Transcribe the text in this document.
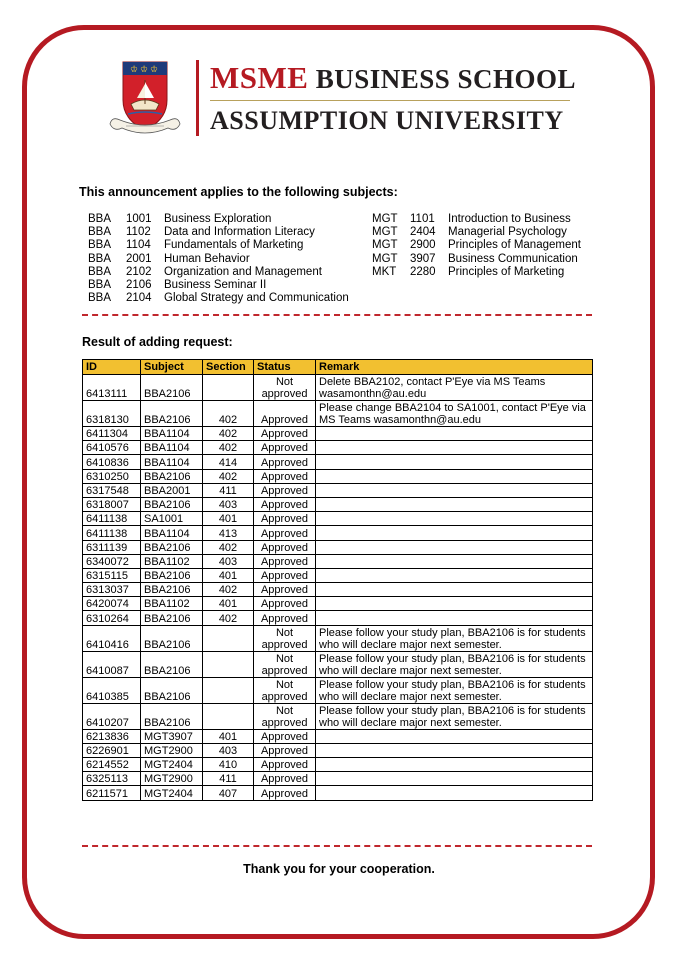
♔ ♔ ♔ MSME BUSINESS SCHOOL
ASSUMPTION UNIVERSITY
This announcement applies to the following subjects:
BBA	1001	Business Exploration
BBA	1102	Data and Information Literacy
BBA	1104	Fundamentals of Marketing
BBA	2001	Human Behavior
BBA	2102	Organization and Management
BBA	2106	Business Seminar II
BBA	2104	Global Strategy and Communication
MGT	1101	Introduction to Business
MGT	2404	Managerial Psychology
MGT	2900	Principles of Management
MGT	3907	Business Communication
MKT	2280	Principles of Marketing
Result of adding request:
ID	Subject	Section	Status	Remark
6413111	BBA2106		Not approved	Delete BBA2102, contact P'Eye via MS Teams wasamonthn@au.edu
6318130	BBA2106	402	Approved	Please change BBA2104 to SA1001, contact P'Eye via MS Teams wasamonthn@au.edu
6411304	BBA1104	402	Approved	
6410576	BBA1104	402	Approved	
6410836	BBA1104	414	Approved	
6310250	BBA2106	402	Approved	
6317548	BBA2001	411	Approved	
6318007	BBA2106	403	Approved	
6411138	SA1001	401	Approved	
6411138	BBA1104	413	Approved	
6311139	BBA2106	402	Approved	
6340072	BBA1102	403	Approved	
6315115	BBA2106	401	Approved	
6313037	BBA2106	402	Approved	
6420074	BBA1102	401	Approved	
6310264	BBA2106	402	Approved	
6410416	BBA2106		Not approved	Please follow your study plan, BBA2106 is for students who will declare major next semester.
6410087	BBA2106		Not approved	Please follow your study plan, BBA2106 is for students who will declare major next semester.
6410385	BBA2106		Not approved	Please follow your study plan, BBA2106 is for students who will declare major next semester.
6410207	BBA2106		Not approved	Please follow your study plan, BBA2106 is for students who will declare major next semester.
6213836	MGT3907	401	Approved	
6226901	MGT2900	403	Approved	
6214552	MGT2404	410	Approved	
6325113	MGT2900	411	Approved	
6211571	MGT2404	407	Approved	
Thank you for your cooperation.
